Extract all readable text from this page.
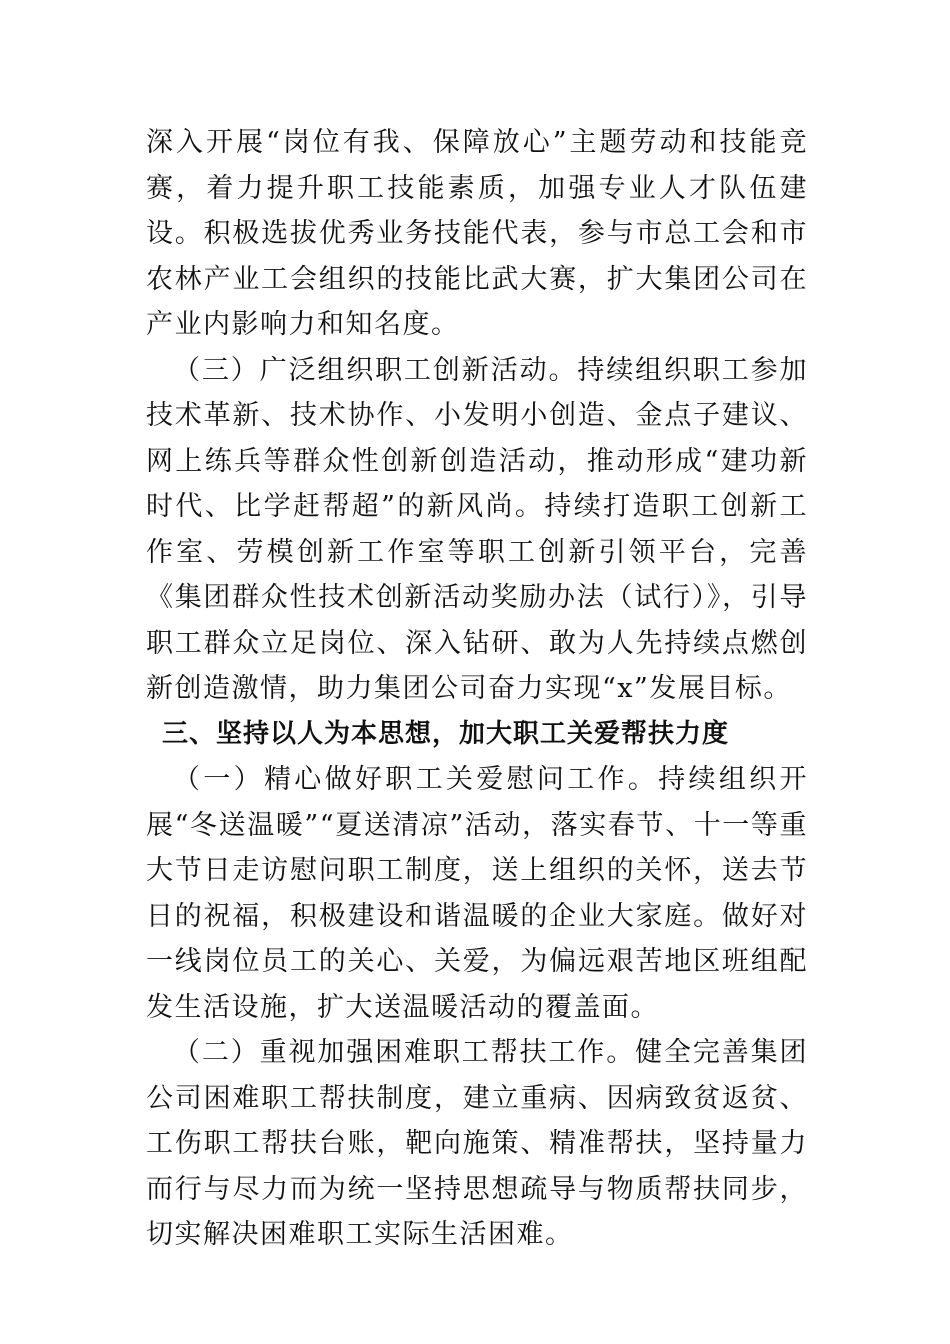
深入开展“岗位有我、保障放心”主题劳动和技能竞赛，着力提升职工技能素质，加强专业人才队伍建设。积极选拔优秀业务技能代表，参与市总工会和市农林产业工会组织的技能比武大赛，扩大集团公司在产业内影响力和知名度。

（三）广泛组织职工创新活动。持续组织职工参加技术革新、技术协作、小发明小创造、金点子建议、网上练兵等群众性创新创造活动，推动形成“建功新时代、比学赶帮超”的新风尚。持续打造职工创新工作室、劳模创新工作室等职工创新引领平台，完善《集团群众性技术创新活动奖励办法（试行）》，引导职工群众立足岗位、深入钻研、敢为人先持续点燃创新创造激情，助力集团公司奋力实现“x”发展目标。

三、坚持以人为本思想，加大职工关爱帮扶力度

（一）精心做好职工关爱慰问工作。持续组织开展“冬送温暖”“夏送清凉”活动，落实春节、十一等重大节日走访慰问职工制度，送上组织的关怀，送去节日的祝福，积极建设和谐温暖的企业大家庭。做好对一线岗位员工的关心、关爱，为偏远艰苦地区班组配发生活设施，扩大送温暖活动的覆盖面。

（二）重视加强困难职工帮扶工作。健全完善集团公司困难职工帮扶制度，建立重病、因病致贫返贫、工伤职工帮扶台账，靶向施策、精准帮扶，坚持量力而行与尽力而为统一坚持思想疏导与物质帮扶同步，切实解决困难职工实际生活困难。
